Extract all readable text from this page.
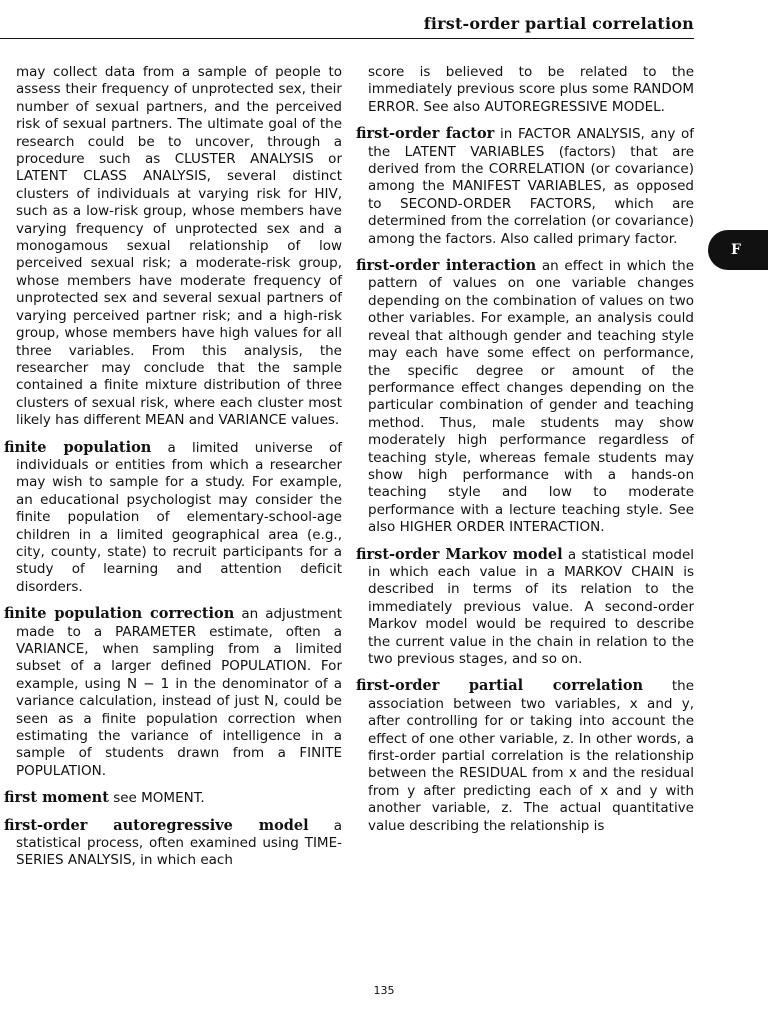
first-order partial correlation
F

may collect data from a sample of people to assess their frequency of unprotected sex, their number of sexual partners, and the perceived risk of sexual partners. The ultimate goal of the research could be to uncover, through a procedure such as CLUSTER ANALYSIS or LATENT CLASS ANALYSIS, several distinct clusters of individuals at varying risk for HIV, such as a low-risk group, whose members have varying frequency of unprotected sex and a monogamous sexual relationship of low perceived sexual risk; a moderate-risk group, whose members have moderate frequency of unprotected sex and several sexual partners of varying perceived partner risk; and a high-risk group, whose members have high values for all three variables. From this analysis, the researcher may conclude that the sample contained a finite mixture distribution of three clusters of sexual risk, where each cluster most likely has different MEAN and VARIANCE values.

finite population a limited universe of individuals or entities from which a researcher may wish to sample for a study. For example, an educational psychologist may consider the finite population of elementary-school-age children in a limited geographical area (e.g., city, county, state) to recruit participants for a study of learning and attention deficit disorders.

finite population correction an adjustment made to a PARAMETER estimate, often a VARIANCE, when sampling from a limited subset of a larger defined POPULATION. For example, using N − 1 in the denominator of a variance calculation, instead of just N, could be seen as a finite population correction when estimating the variance of intelligence in a sample of students drawn from a FINITE POPULATION.

first moment see MOMENT.

first-order autoregressive model a statistical process, often examined using TIME-SERIES ANALYSIS, in which each

score is believed to be related to the immediately previous score plus some RANDOM ERROR. See also AUTOREGRESSIVE MODEL.

first-order factor in FACTOR ANALYSIS, any of the LATENT VARIABLES (factors) that are derived from the CORRELATION (or covariance) among the MANIFEST VARIABLES, as opposed to SECOND-ORDER FACTORS, which are determined from the correlation (or covariance) among the factors. Also called primary factor.

first-order interaction an effect in which the pattern of values on one variable changes depending on the combination of values on two other variables. For example, an analysis could reveal that although gender and teaching style may each have some effect on performance, the specific degree or amount of the performance effect changes depending on the particular combination of gender and teaching method. Thus, male students may show moderately high performance regardless of teaching style, whereas female students may show high performance with a hands-on teaching style and low to moderate performance with a lecture teaching style. See also HIGHER ORDER INTERACTION.

first-order Markov model a statistical model in which each value in a MARKOV CHAIN is described in terms of its relation to the immediately previous value. A second-order Markov model would be required to describe the current value in the chain in relation to the two previous stages, and so on.

first-order partial correlation the association between two variables, x and y, after controlling for or taking into account the effect of one other variable, z. In other words, a first-order partial correlation is the relationship between the RESIDUAL from x and the residual from y after predicting each of x and y with another variable, z. The actual quantitative value describing the relationship is

135
